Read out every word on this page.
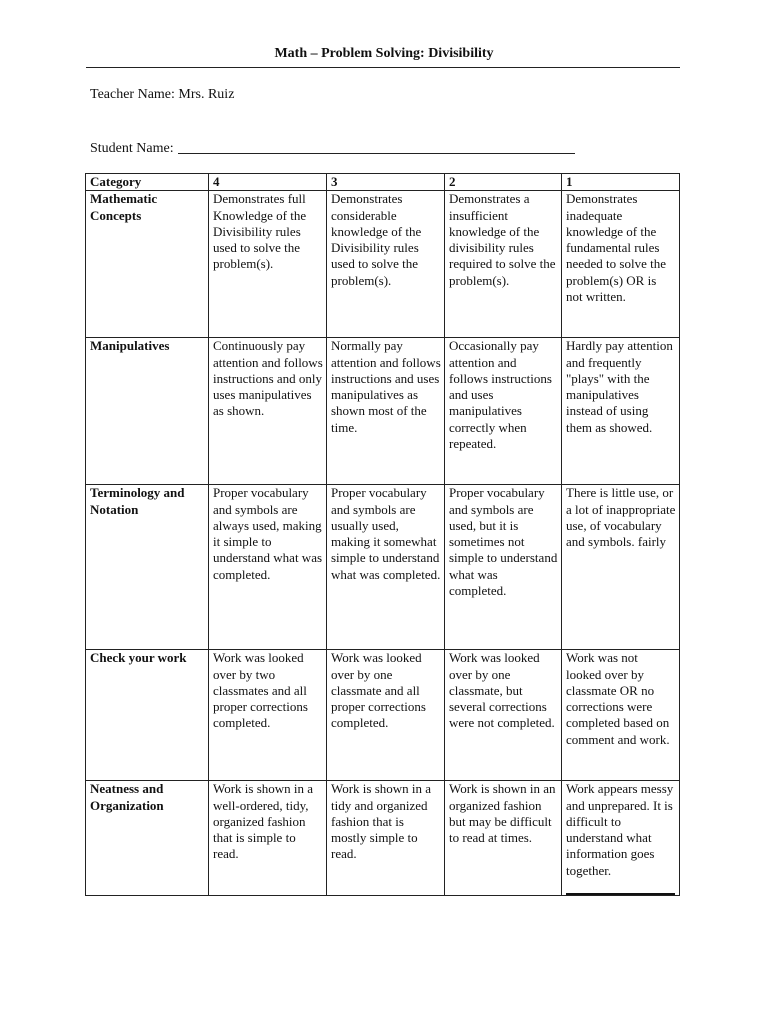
Math – Problem Solving: Divisibility
Teacher Name: Mrs. Ruiz
Student Name:
Category	4	3	2	1
Mathematic Concepts	Demonstrates full Knowledge of the Divisibility rules used to solve the problem(s).	Demonstrates considerable knowledge of the Divisibility rules used to solve the problem(s).	Demonstrates a insufficient knowledge of the divisibility rules required to solve the problem(s).	Demonstrates inadequate knowledge of the fundamental rules needed to solve the problem(s) OR is not written.
Manipulatives	Continuously pay attention and follows instructions and only uses manipulatives as shown.	Normally pay attention and follows instructions and uses manipulatives as shown most of the time.	Occasionally pay attention and follows instructions and uses manipulatives correctly when repeated.	Hardly pay attention and frequently "plays" with the manipulatives instead of using them as showed.
Terminology and Notation	Proper vocabulary and symbols are always used, making it simple to understand what was completed.	Proper vocabulary and symbols are usually used, making it somewhat simple to understand what was completed.	Proper vocabulary and symbols are used, but it is sometimes not simple to understand what was completed.	There is little use, or a lot of inappropriate use, of vocabulary and symbols. fairly
Check your work	Work was looked over by two classmates and all proper corrections completed.	Work was looked over by one classmate and all proper corrections completed.	Work was looked over by one classmate, but several corrections were not completed.	Work was not looked over by classmate OR no corrections were completed based on comment and work.
Neatness and Organization	Work is shown in a well-ordered, tidy, organized fashion that is simple to read.	Work is shown in a tidy and organized fashion that is mostly simple to read.	Work is shown in an organized fashion but may be difficult to read at times.	Work appears messy and unprepared. It is difficult to understand what information goes together.
